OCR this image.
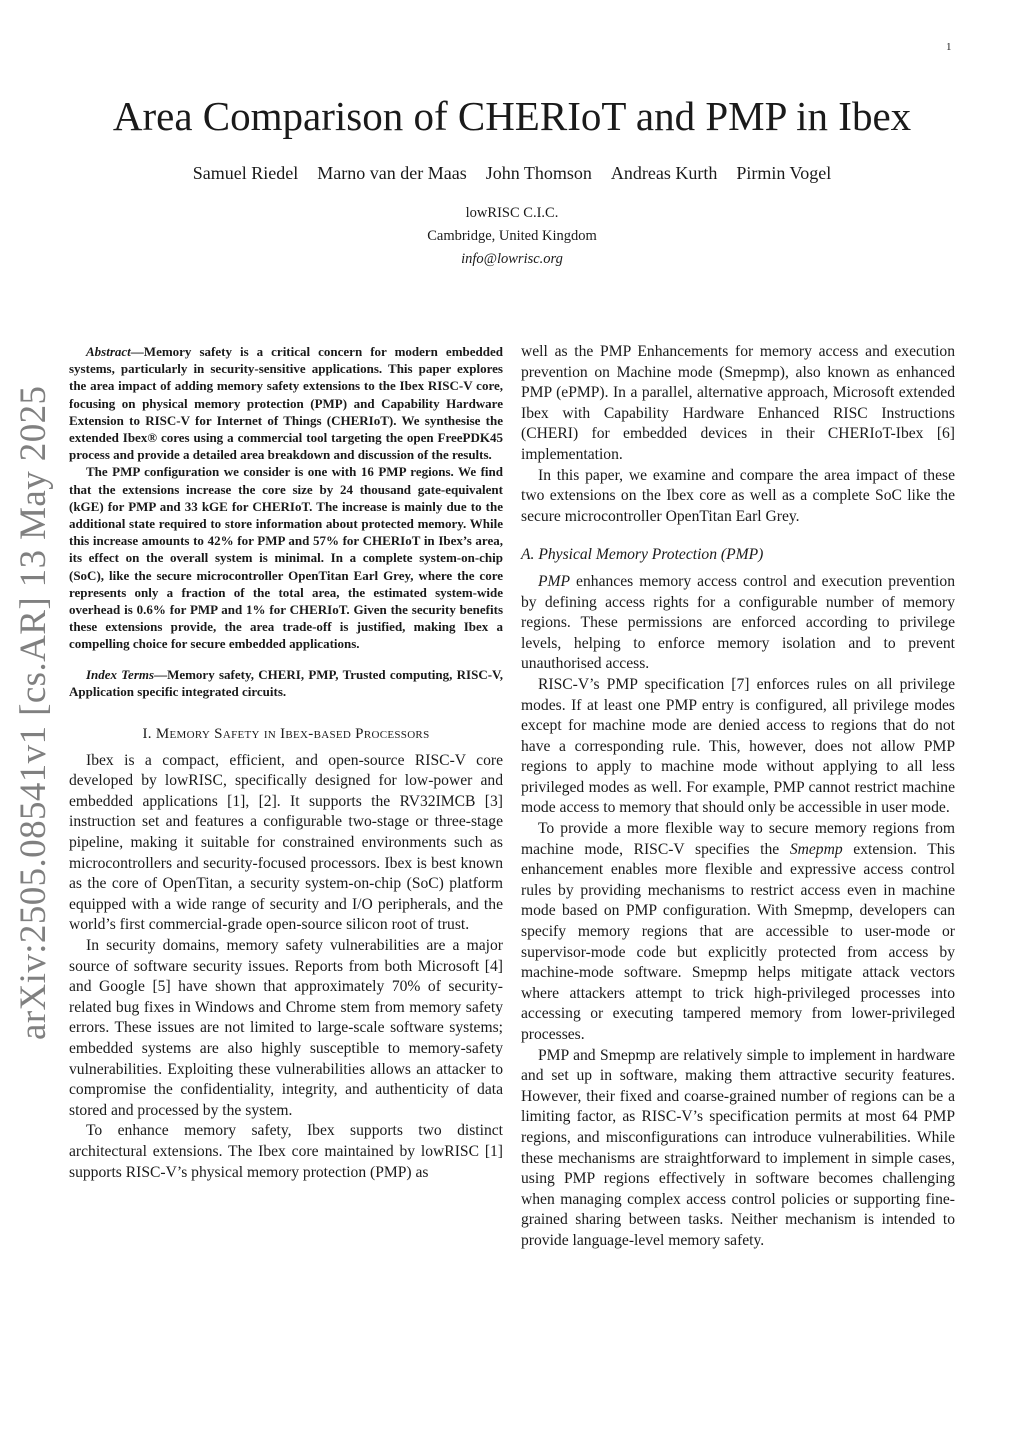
1
arXiv:2505.08541v1 [cs.AR] 13 May 2025
Area Comparison of CHERIoT and PMP in Ibex
Samuel Riedel Marno van der Maas John Thomson Andreas Kurth Pirmin Vogel
lowRISC C.I.C.
Cambridge, United Kingdom
info@lowrisc.org

Abstract—Memory safety is a critical concern for modern embedded systems, particularly in security-sensitive applications. This paper explores the area impact of adding memory safety extensions to the Ibex RISC-V core, focusing on physical memory protection (PMP) and Capability Hardware Extension to RISC-V for Internet of Things (CHERIoT). We synthesise the extended Ibex® cores using a commercial tool targeting the open FreePDK45 process and provide a detailed area breakdown and discussion of the results.

The PMP configuration we consider is one with 16 PMP regions. We find that the extensions increase the core size by 24 thousand gate-equivalent (kGE) for PMP and 33 kGE for CHERIoT. The increase is mainly due to the additional state required to store information about protected memory. While this increase amounts to 42% for PMP and 57% for CHERIoT in Ibex’s area, its effect on the overall system is minimal. In a complete system-on-chip (SoC), like the secure microcontroller OpenTitan Earl Grey, where the core represents only a fraction of the total area, the estimated system-wide overhead is 0.6% for PMP and 1% for CHERIoT. Given the security benefits these extensions provide, the area trade-off is justified, making Ibex a compelling choice for secure embedded applications.

Index Terms—Memory safety, CHERI, PMP, Trusted computing, RISC-V, Application specific integrated circuits.

I. Memory Safety in Ibex-based Processors

Ibex is a compact, efficient, and open-source RISC-V core developed by lowRISC, specifically designed for low-power and embedded applications [1], [2]. It supports the RV32IMCB [3] instruction set and features a configurable two-stage or three-stage pipeline, making it suitable for constrained environments such as microcontrollers and security-focused processors. Ibex is best known as the core of OpenTitan, a security system-on-chip (SoC) platform equipped with a wide range of security and I/O peripherals, and the world’s first commercial-grade open-source silicon root of trust.

In security domains, memory safety vulnerabilities are a major source of software security issues. Reports from both Microsoft [4] and Google [5] have shown that approximately 70% of security-related bug fixes in Windows and Chrome stem from memory safety errors. These issues are not limited to large-scale software systems; embedded systems are also highly susceptible to memory-safety vulnerabilities. Exploiting these vulnerabilities allows an attacker to compromise the confidentiality, integrity, and authenticity of data stored and processed by the system.

To enhance memory safety, Ibex supports two distinct architectural extensions. The Ibex core maintained by lowRISC [1] supports RISC-V’s physical memory protection (PMP) as

well as the PMP Enhancements for memory access and execution prevention on Machine mode (Smepmp), also known as enhanced PMP (ePMP). In a parallel, alternative approach, Microsoft extended Ibex with Capability Hardware Enhanced RISC Instructions (CHERI) for embedded devices in their CHERIoT-Ibex [6] implementation.

In this paper, we examine and compare the area impact of these two extensions on the Ibex core as well as a complete SoC like the secure microcontroller OpenTitan Earl Grey.

A. Physical Memory Protection (PMP)

PMP enhances memory access control and execution prevention by defining access rights for a configurable number of memory regions. These permissions are enforced according to privilege levels, helping to enforce memory isolation and to prevent unauthorised access.

RISC-V’s PMP specification [7] enforces rules on all privilege modes. If at least one PMP entry is configured, all privilege modes except for machine mode are denied access to regions that do not have a corresponding rule. This, however, does not allow PMP regions to apply to machine mode without applying to all less privileged modes as well. For example, PMP cannot restrict machine mode access to memory that should only be accessible in user mode.

To provide a more flexible way to secure memory regions from machine mode, RISC-V specifies the Smepmp extension. This enhancement enables more flexible and expressive access control rules by providing mechanisms to restrict access even in machine mode based on PMP configuration. With Smepmp, developers can specify memory regions that are accessible to user-mode or supervisor-mode code but explicitly protected from access by machine-mode software. Smepmp helps mitigate attack vectors where attackers attempt to trick high-privileged processes into accessing or executing tampered memory from lower-privileged processes.

PMP and Smepmp are relatively simple to implement in hardware and set up in software, making them attractive security features. However, their fixed and coarse-grained number of regions can be a limiting factor, as RISC-V’s specification permits at most 64 PMP regions, and misconfigurations can introduce vulnerabilities. While these mechanisms are straightforward to implement in simple cases, using PMP regions effectively in software becomes challenging when managing complex access control policies or supporting fine-grained sharing between tasks. Neither mechanism is intended to provide language-level memory safety.
